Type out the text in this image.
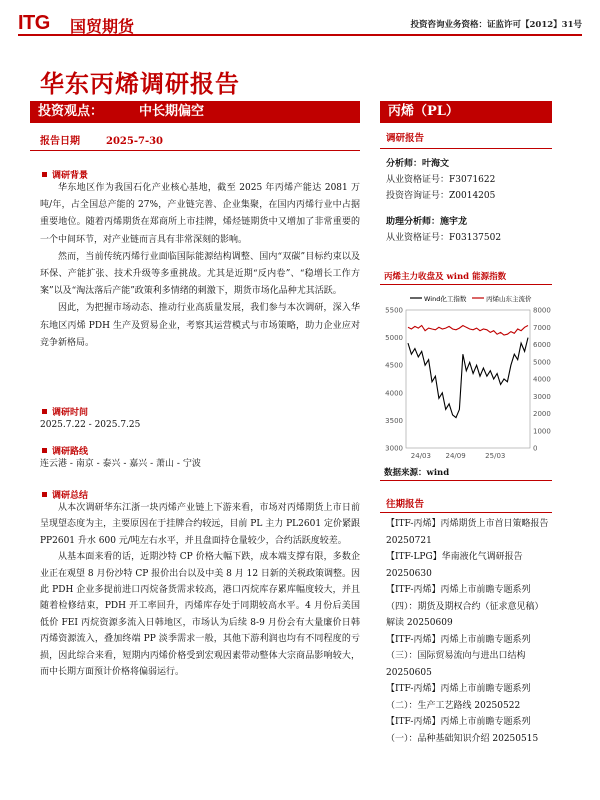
ITG 国贸期货	投资咨询业务资格：证监许可【2012】31号
华东丙烯调研报告
投资观点：	中长期偏空	丙烯（PL）
报告日期	2025-7-30
调研背景

华东地区作为我国石化产业核心基地，截至 2025 年丙烯产能达 2081 万吨/年，占全国总产能的 27%，产业链完善、企业集聚，在国内丙烯行业中占据重要地位。随着丙烯期货在郑商所上市挂牌，烯烃链期货中又增加了非常重要的一个中间环节，对产业链而言具有非常深刻的影响。

然而，当前传统丙烯行业面临国际能源结构调整、国内“双碳”目标约束以及环保、产能扩张、技术升级等多重挑战。尤其是近期“反内卷”、“稳增长工作方案”以及“淘汰落后产能”政策利多情绪的刺激下，期货市场化品种尤其活跃。

因此，为把握市场动态、推动行业高质量发展，我们参与本次调研，深入华东地区丙烯 PDH 生产及贸易企业，考察其运营模式与市场策略，助力企业应对竞争新格局。

调研时间
2025.7.22 - 2025.7.25
调研路线
连云港 - 南京 - 泰兴 - 嘉兴 - 萧山 - 宁波
调研总结

从本次调研华东江浙一块丙烯产业链上下游来看，市场对丙烯期货上市日前呈现望态度为主，主要原因在于挂牌合约较远，目前 PL 主力 PL2601 定价紧跟 PP2601 升水 600 元/吨左右水平，并且盘面持仓量较少，合约活跃度较差。

从基本面来看的话，近期沙特 CP 价格大幅下跌，成本端支撑有限，多数企业正在观望 8 月份沙特 CP 报价出台以及中美 8 月 12 日新的关税政策调整。因此 PDH 企业多提前进口丙烷备货需求较高，港口丙烷库存累库幅度较大，并且随着检修结束，PDH 开工率回升，丙烯库存处于同期较高水平。4 月份后美国低价 FEI 丙烷资源多流入日韩地区，市场认为后续 8-9 月份会有大量廉价日韩丙烯资源流入，叠加终端 PP 淡季需求一般，其他下游利润也均有不同程度的亏损，因此综合来看，短期内丙烯价格受到宏观因素带动整体大宗商品影响较大，而中长期方面预计价格将偏弱运行。

调研报告
分析师：叶海文
从业资格证号：F3071622
投资咨询证号：Z0014205
助理分析师：施宇龙
从业资格证号：F03137502
丙烯主力收盘及 wind 能源指数
Wind化工指数	丙烯山东主流价
3000
3500
4000
4500
5000
5500
0
1000
2000
3000
4000
5000
6000
7000
8000
24/03 24/09	25/03
数据来源：wind
往期报告
【ITF-丙烯】丙烯期货上市首日策略报告 20250721
【ITF-LPG】华南液化气调研报告 20250630
【ITF-丙烯】丙烯上市前瞻专题系列（四）：期货及期权合约（征求意见稿）解读 20250609
【ITF-丙烯】丙烯上市前瞻专题系列（三）：国际贸易流向与进出口结构 20250605
【ITF-丙烯】丙烯上市前瞻专题系列（二）：生产工艺路线 20250522
【ITF-丙烯】丙烯上市前瞻专题系列（一）：品种基础知识介绍 20250515
